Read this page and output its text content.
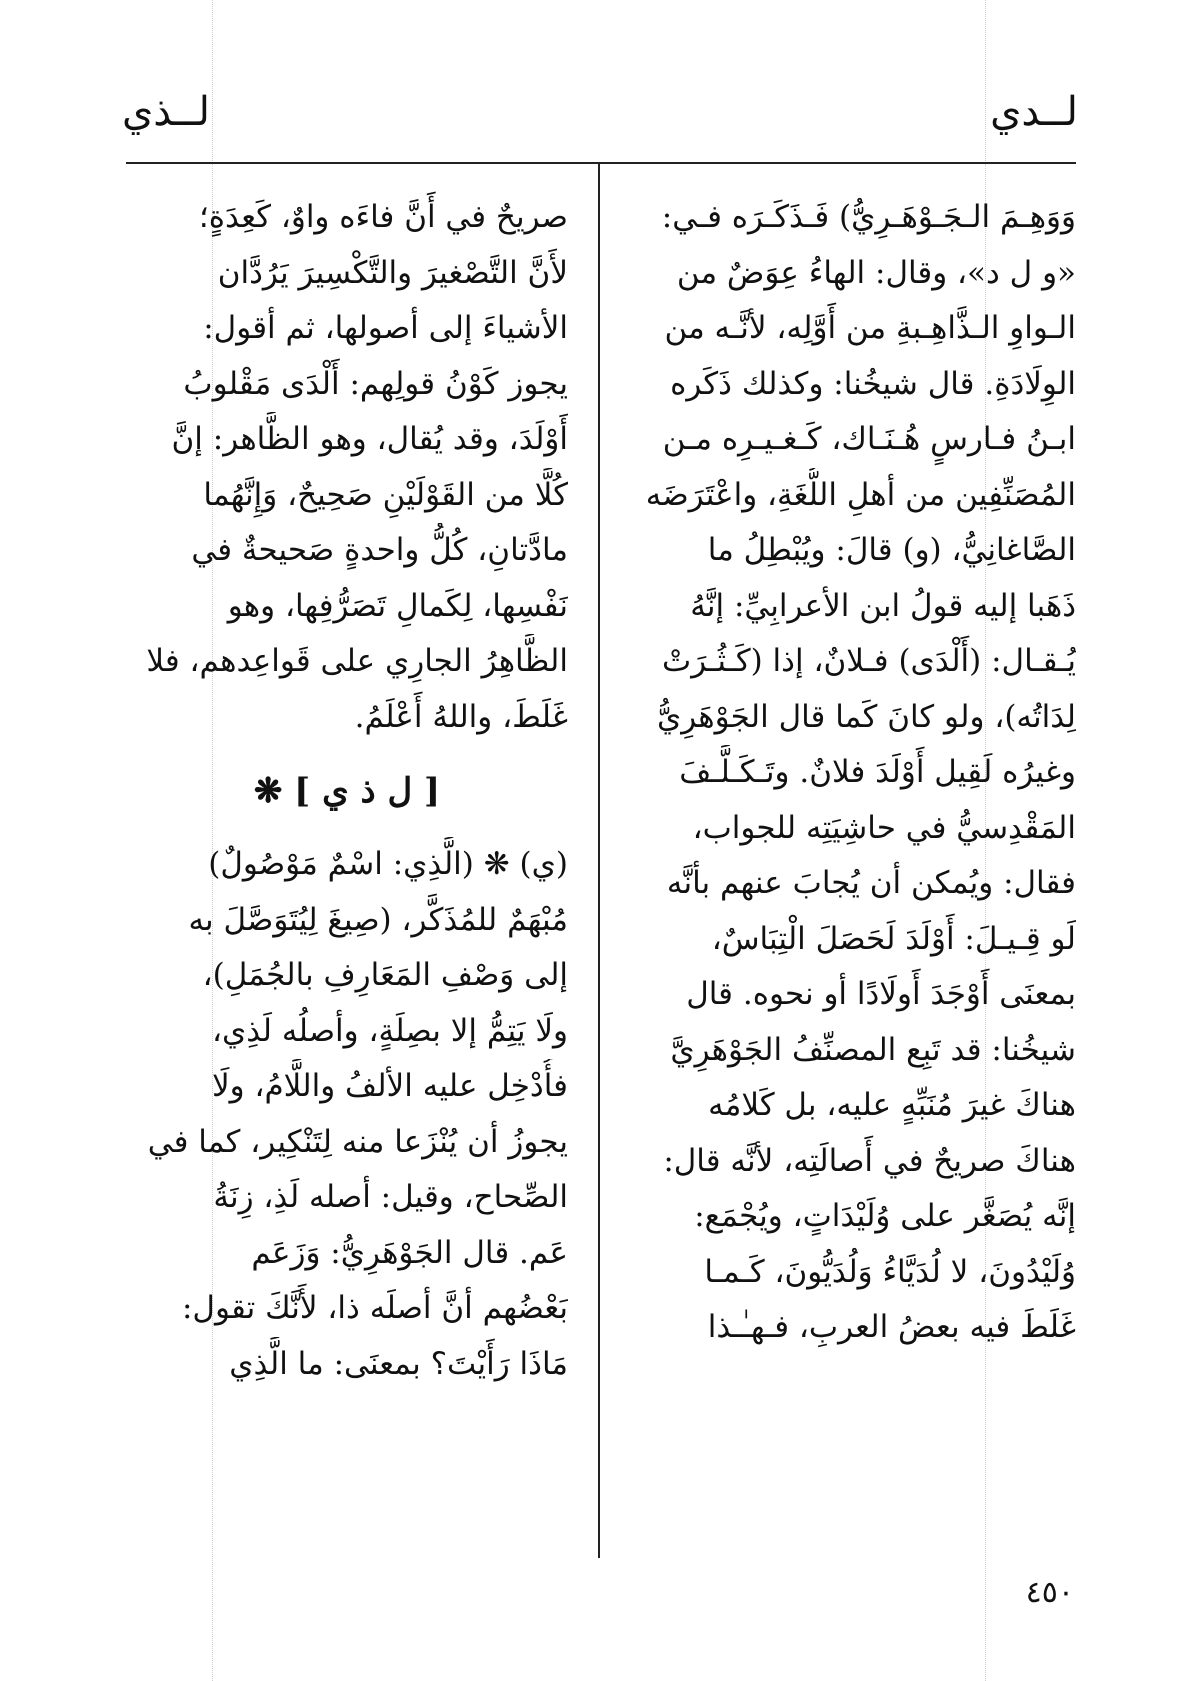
لــدي
لــذي
وَوَهِـمَ الـجَـوْهَـرِيُّ) فَـذَكَـرَه فـي:
«و ل د»، وقال: الهاءُ عِوَضٌ من
الـواوِ الـذَّاهِـبةِ من أَوَّلِه، لأنَّـه من
الوِلَادَةِ. قال شيخُنا: وكذلك ذَكَره
ابـنُ فـارسٍ هُـنَـاك، كَـغـيـرِه مـن
المُصَنِّفِين من أهلِ اللُّغَةِ، واعْتَرَضَه
الصَّاغانِيُّ، (و) قالَ: ويُبْطِلُ ما
ذَهَبا إليه قولُ ابن الأعرابِيِّ: إنَّهُ
يُـقـال: (أَلْدَى) فـلانٌ، إذا (كَـثُـرَتْ
لِدَاتُه)، ولو كانَ كَما قال الجَوْهَرِيُّ
وغيرُه لَقِيل أَوْلَدَ فلانٌ. وتَـكَـلَّـفَ
المَقْدِسيُّ في حاشِيَتِه للجواب،
فقال: ويُمكن أن يُجابَ عنهم بأنَّه
لَو قِـيـلَ: أَوْلَدَ لَحَصَلَ الْتِبَاسٌ،
بمعنَى أَوْجَدَ أَولَادًا أو نحوه. قال
شيخُنا: قد تَبِع المصنِّفُ الجَوْهَرِيَّ
هناكَ غيرَ مُنَبِّهٍ عليه، بل كَلامُه
هناكَ صريحٌ في أَصالَتِه، لأنَّه قال:
إنَّه يُصَغَّر على وُلَيْدَاتٍ، ويُجْمَع:
وُلَيْدُونَ، لا لُدَيَّاءُ وَلُدَيُّونَ، كَـمـا
غَلَطَ فيه بعضُ العربِ، فـهـٰـذا
صريحٌ في أَنَّ فاءَه واوٌ، كَعِدَةٍ؛
لأَنَّ التَّصْغيرَ والتَّكْسِيرَ يَرُدَّان
الأشياءَ إلى أصولها، ثم أقول:
يجوز كَوْنُ قولِهم: أَلْدَى مَقْلوبُ
أَوْلَدَ، وقد يُقال، وهو الظَّاهر: إنَّ
كُلًّا من القَوْلَيْنِ صَحِيحٌ، وَإِنَّهُما
مادَّتانِ، كُلُّ واحدةٍ صَحيحةٌ في
نَفْسِها، لِكَمالِ تَصَرُّفِها، وهو
الظَّاهِرُ الجارِي على قَواعِدهم، فلا
غَلَطَ، واللهُ أَعْلَمُ.
[ ل ذ ي ] ❋
(ي) ❋ (الَّذِي: اسْمٌ مَوْصُولٌ)
مُبْهَمٌ للمُذَكَّر، (صِيغَ لِيُتَوَصَّلَ به
إلى وَصْفِ المَعَارِفِ بالجُمَلِ)،
ولَا يَتِمُّ إلا بصِلَةٍ، وأصلُه لَذِي،
فأُدْخِل عليه الألفُ واللَّامُ، ولَا
يجوزُ أن يُنْزَعا منه لِتَنْكِير، كما في
الصِّحاح، وقيل: أصله لَذِ، زِنَةُ
عَم. قال الجَوْهَرِيُّ: وَزَعَم
بَعْضُهم أنَّ أصلَه ذا، لأَنَّكَ تقول:
مَاذَا رَأَيْتَ؟ بمعنَى: ما الَّذِي
٤٥٠
